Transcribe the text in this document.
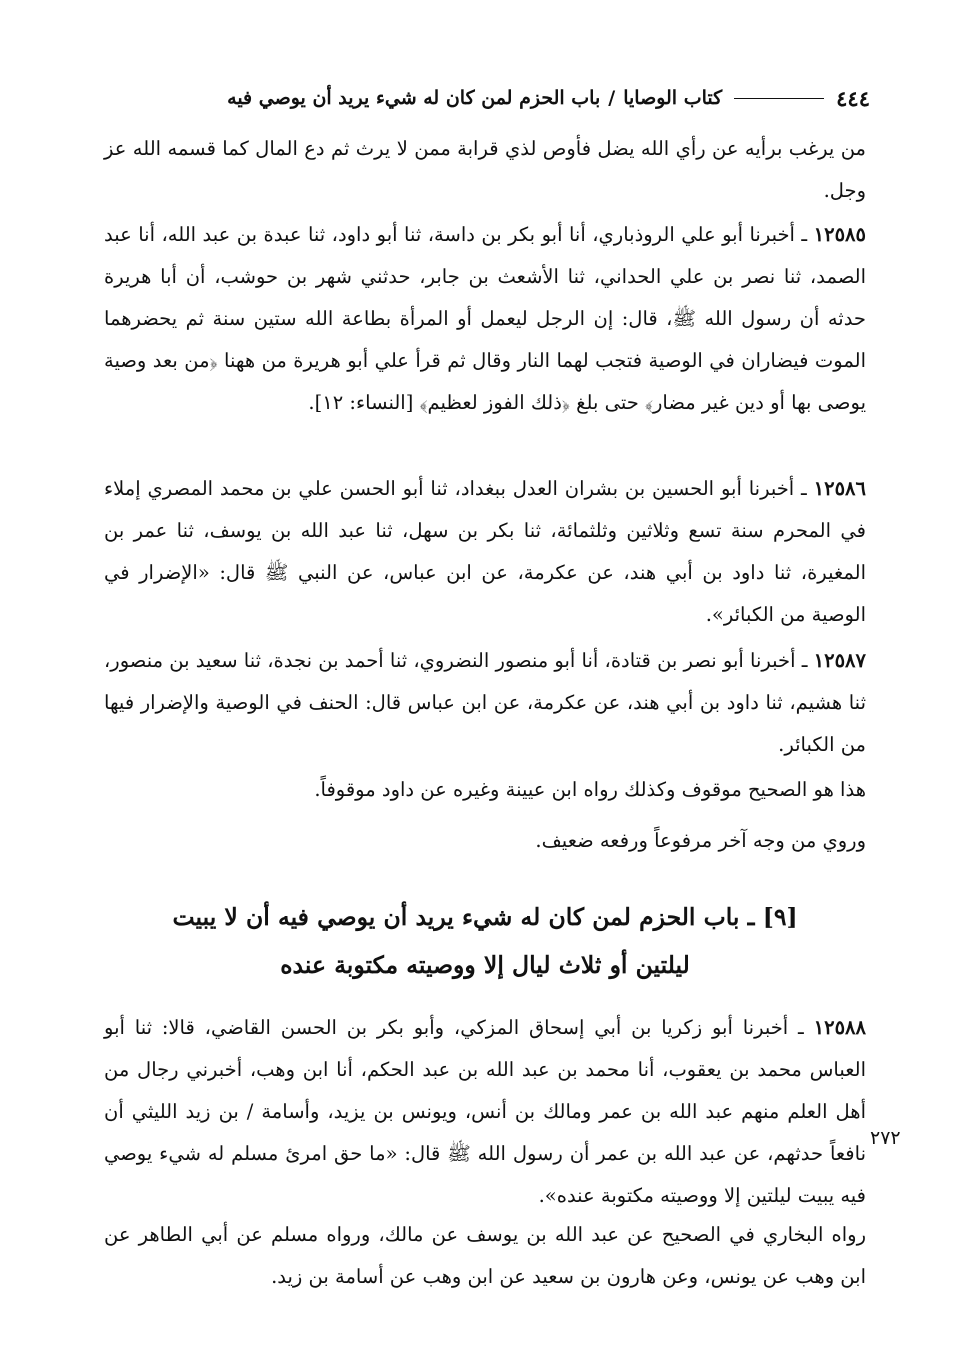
٤٤٤
كتاب الوصايا
/
باب الحزم لمن كان له شيء يريد أن يوصي فيه
من يرغب برأيه عن رأي الله يضل فأوص لذي قرابة ممن لا يرث ثم دع المال كما قسمه الله عز وجل.
١٢٥٨٥ ـ أخبرنا أبو علي الروذباري، أنا أبو بكر بن داسة، ثنا أبو داود، ثنا عبدة بن عبد الله، أنا عبد الصمد، ثنا نصر بن علي الحداني، ثنا الأشعث بن جابر، حدثني شهر بن حوشب، أن أبا هريرة حدثه أن رسول الله ﷺ، قال: إن الرجل ليعمل أو المرأة بطاعة الله ستين سنة ثم يحضرهما الموت فيضاران في الوصية فتجب لهما النار وقال ثم قرأ علي أبو هريرة من ههنا ﴿من بعد وصية يوصى بها أو دين غير مضار﴾ حتى بلغ ﴿ذلك الفوز لعظيم﴾ [النساء: ١٢].
١٢٥٨٦ ـ أخبرنا أبو الحسين بن بشران العدل ببغداد، ثنا أبو الحسن علي بن محمد المصري إملاء في المحرم سنة تسع وثلاثين وثلثمائة، ثنا بكر بن سهل، ثنا عبد الله بن يوسف، ثنا عمر بن المغيرة، ثنا داود بن أبي هند، عن عكرمة، عن ابن عباس، عن النبي ﷺ قال: «الإضرار في الوصية من الكبائر».
١٢٥٨٧ ـ أخبرنا أبو نصر بن قتادة، أنا أبو منصور النضروي، ثنا أحمد بن نجدة، ثنا سعيد بن منصور، ثنا هشيم، ثنا داود بن أبي هند، عن عكرمة، عن ابن عباس قال: الحنف في الوصية والإضرار فيها من الكبائر.
هذا هو الصحيح موقوف وكذلك رواه ابن عيينة وغيره عن داود موقوفاً.
وروي من وجه آخر مرفوعاً ورفعه ضعيف.
[٩] ـ باب الحزم لمن كان له شيء يريد أن يوصي فيه أن لا يبيت
ليلتين أو ثلاث ليال إلا ووصيته مكتوبة عنده
١٢٥٨٨ ـ أخبرنا أبو زكريا بن أبي إسحاق المزكي، وأبو بكر بن الحسن القاضي، قالا: ثنا أبو العباس محمد بن يعقوب، أنا محمد بن عبد الله بن عبد الحكم، أنا ابن وهب، أخبرني رجال من أهل العلم منهم عبد الله بن عمر ومالك بن أنس، ويونس بن يزيد، وأسامة / بن زيد الليثي أن نافعاً حدثهم، عن عبد الله بن عمر أن رسول الله ﷺ قال: «ما حق امرئ مسلم له شيء يوصي فيه يبيت ليلتين إلا ووصيته مكتوبة عنده».
٢٧٢
رواه البخاري في الصحيح عن عبد الله بن يوسف عن مالك، ورواه مسلم عن أبي الطاهر عن ابن وهب عن يونس، وعن هارون بن سعيد عن ابن وهب عن أسامة بن زيد.
